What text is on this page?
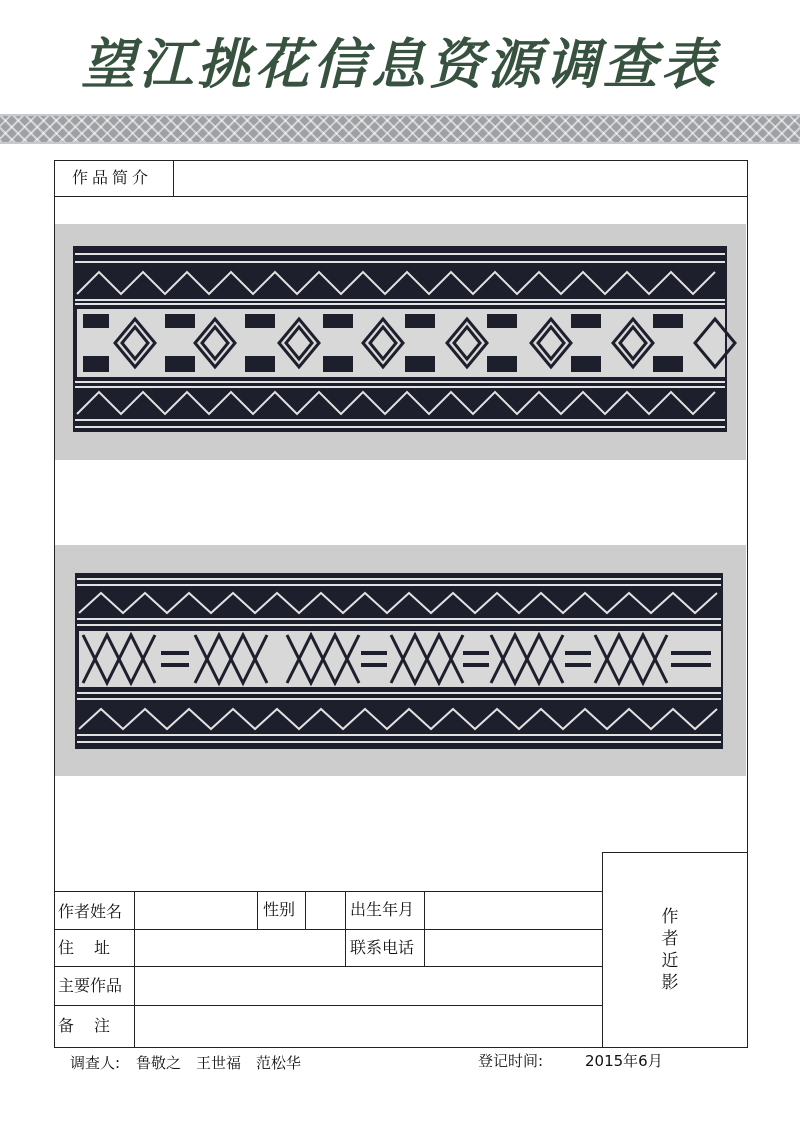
望江挑花信息资源调查表
作品简介
作者姓名	性别	出生年月
住　址	联系电话
主要作品
备　注
作
者
近
影
调查人: 鲁敬之　王世福　范松华	登记时间:	2015年6月
